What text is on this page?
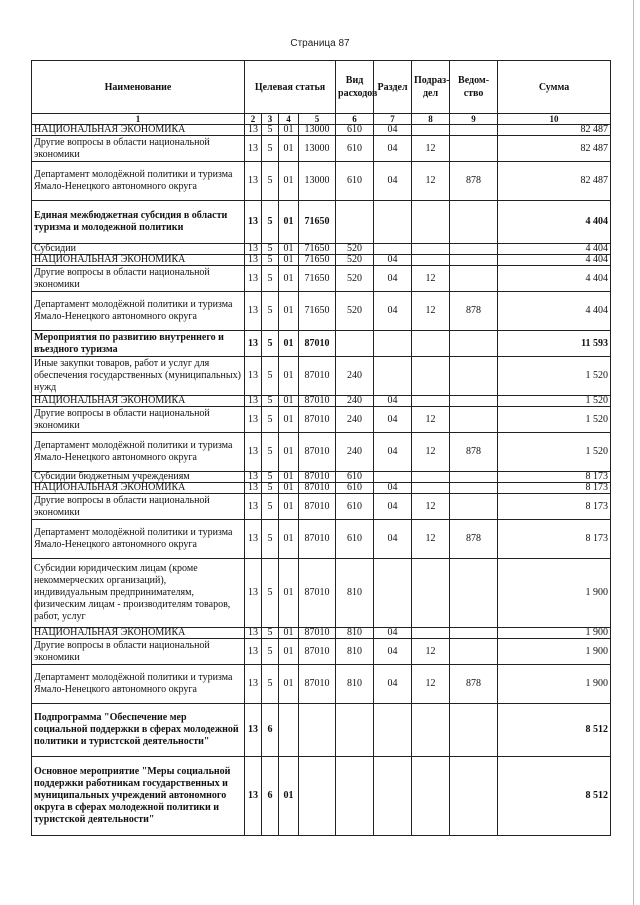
Страница 87
Наименование	Целевая статья				Вид расходов	Раздел	Подраз-дел	Ведом-ство	Сумма
1	2	3	4	5	6	7	8	9	10
НАЦИОНАЛЬНАЯ ЭКОНОМИКА	13	5	01	13000	610	04			82 487
Другие вопросы в области национальной экономики	13	5	01	13000	610	04	12		82 487
Департамент молодёжной политики и туризма Ямало-Ненецкого автономного округа	13	5	01	13000	610	04	12	878	82 487
Единая межбюджетная субсидия в области туризма и молодежной политики	13	5	01	71650					4 404
Субсидии	13	5	01	71650	520				4 404
НАЦИОНАЛЬНАЯ ЭКОНОМИКА	13	5	01	71650	520	04			4 404
Другие вопросы в области национальной экономики	13	5	01	71650	520	04	12		4 404
Департамент молодёжной политики и туризма Ямало-Ненецкого автономного округа	13	5	01	71650	520	04	12	878	4 404
Мероприятия по развитию внутреннего и въездного туризма	13	5	01	87010					11 593
Иные закупки товаров, работ и услуг для обеспечения государственных (муниципальных) нужд	13	5	01	87010	240				1 520
НАЦИОНАЛЬНАЯ ЭКОНОМИКА	13	5	01	87010	240	04			1 520
Другие вопросы в области национальной экономики	13	5	01	87010	240	04	12		1 520
Департамент молодёжной политики и туризма Ямало-Ненецкого автономного округа	13	5	01	87010	240	04	12	878	1 520
Субсидии бюджетным учреждениям	13	5	01	87010	610				8 173
НАЦИОНАЛЬНАЯ ЭКОНОМИКА	13	5	01	87010	610	04			8 173
Другие вопросы в области национальной экономики	13	5	01	87010	610	04	12		8 173
Департамент молодёжной политики и туризма Ямало-Ненецкого автономного округа	13	5	01	87010	610	04	12	878	8 173
Субсидии юридическим лицам (кроме некоммерческих организаций), индивидуальным предпринимателям, физическим лицам - производителям товаров, работ, услуг	13	5	01	87010	810				1 900
НАЦИОНАЛЬНАЯ ЭКОНОМИКА	13	5	01	87010	810	04			1 900
Другие вопросы в области национальной экономики	13	5	01	87010	810	04	12		1 900
Департамент молодёжной политики и туризма Ямало-Ненецкого автономного округа	13	5	01	87010	810	04	12	878	1 900
Подпрограмма "Обеспечение мер социальной поддержки в сферах молодежной политики и туристской деятельности"	13	6							8 512
Основное мероприятие "Меры социальной поддержки работникам государственных и муниципальных учреждений автономного округа в сферах молодежной политики и туристской деятельности"	13	6	01						8 512
